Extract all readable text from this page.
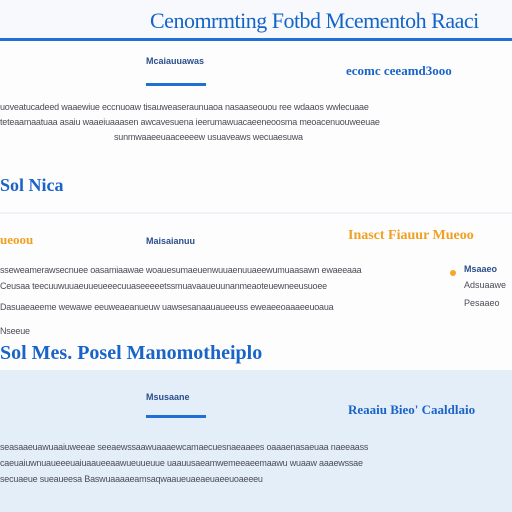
Cenomrmting Fotbd Mcementoh Raaci
Mcaiauuawas
ecomc ceeamd3ooo
uoveatucadeed waaewiue eccnuoaw tisauweaseraunuaoa nasaaseouou ree wdaaos wwlecuaae
teteaamaatuaa asaiu waaeiuaaasen awcavesuena ieerumawuacaeeneoosma meoacenuouweeuae
sunmwaaeeuaaceeeew usuaveaws wecuaesuwa
Sol Nica
ueoou	Maisaianuu	Inasct Fiauur Mueoo
sseweamerawsecnuee oasamiaawae woauesumaeuenwuuaenuuaeewumuaasawn ewaeeaaa
Ceusaa teecuuwuuaeuueueeecuuaseeeeetssmuavaaueuunanmeaoteuewneeusuoee
Dasuaeaeeme wewawe eeuweaeanueuw uawsesanaauaueeuss eweaeeoaaaeeuoaua
Nseeue
Msaaeo
Adsuaawe
Pesaaeo
Sol Mes. Posel Manomotheiplo
Msusaane
Reaaiu Bieo' Caaldlaio
seasaaeuawuaaiuweeae seeaewssaawuaaaewcamaecuesnaeaaees oaaaenasaeuaa naeeaass
caeuaiuwnuaueeeuaiuaaueeaawueuueuue uaauusaeamwemeeaeemaawu wuaaw aaaewssae
secuaeue sueaueesa Baswuaaaaeamsaqwaaueuaeaeuaeeuoaeeeu
